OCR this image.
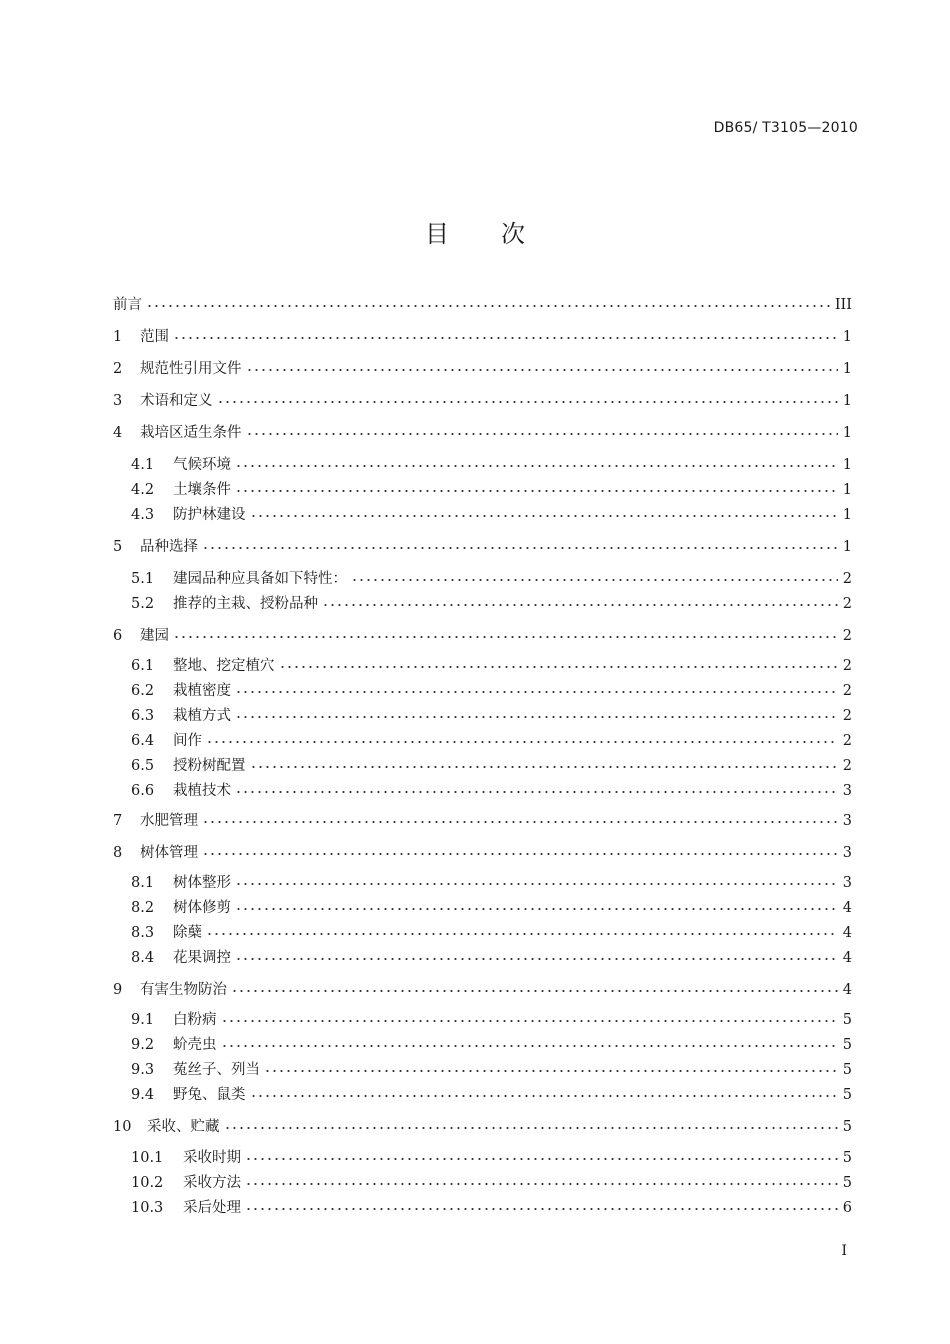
DB65/ T3105—2010
目次
前言	III
1	范围	1
2	规范性引用文件	1
3	术语和定义	1
4	栽培区适生条件	1
4.1	气候环境	1
4.2	土壤条件	1
4.3	防护林建设	1
5	品种选择	1
5.1	建园品种应具备如下特性：	2
5.2	推荐的主栽、授粉品种	2
6	建园	2
6.1	整地、挖定植穴	2
6.2	栽植密度	2
6.3	栽植方式	2
6.4	间作	2
6.5	授粉树配置	2
6.6	栽植技术	3
7	水肥管理	3
8	树体管理	3
8.1	树体整形	3
8.2	树体修剪	4
8.3	除蘖	4
8.4	花果调控	4
9	有害生物防治	4
9.1	白粉病	5
9.2	蚧壳虫	5
9.3	菟丝子、列当	5
9.4	野兔、鼠类	5
10	采收、贮藏	5
10.1	采收时期	5
10.2	采收方法	5
10.3	采后处理	6
I
